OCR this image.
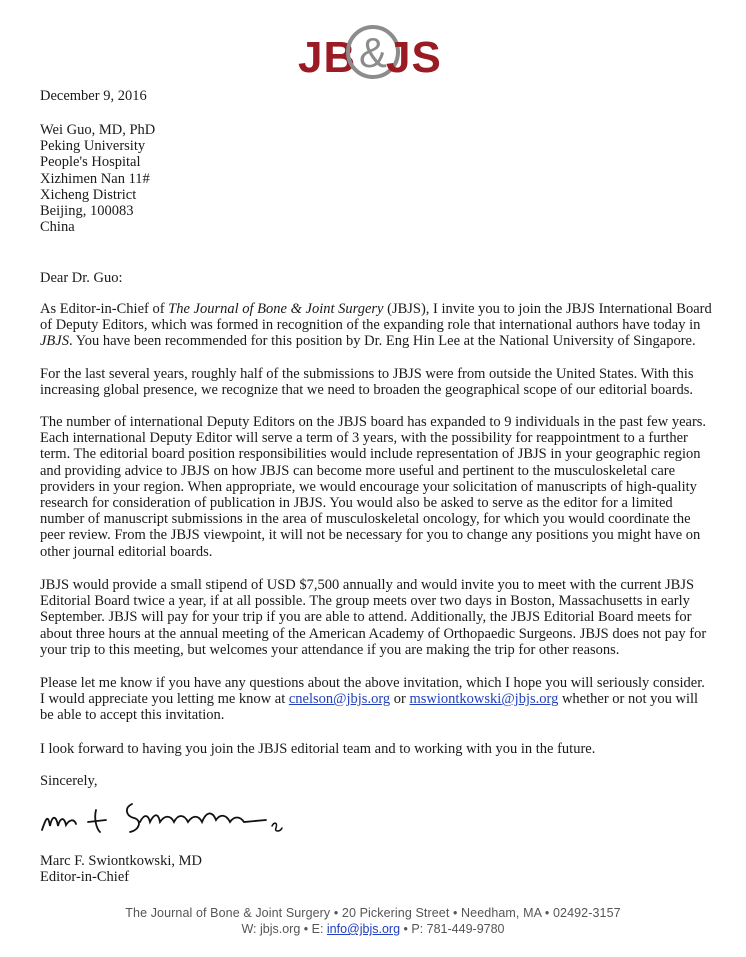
JB &
JS
December 9, 2016
Wei Guo, MD, PhD
Peking University
People's Hospital
Xizhimen Nan 11#
Xicheng District
Beijing, 100083
China
Dear Dr. Guo:
As Editor-in-Chief of The Journal of Bone & Joint Surgery (JBJS), I invite you to join the JBJS International Board
of Deputy Editors, which was formed in recognition of the expanding role that international authors have today in
JBJS. You have been recommended for this position by Dr. Eng Hin Lee at the National University of Singapore.
For the last several years, roughly half of the submissions to JBJS were from outside the United States. With this
increasing global presence, we recognize that we need to broaden the geographical scope of our editorial boards.
The number of international Deputy Editors on the JBJS board has expanded to 9 individuals in the past few years.
Each international Deputy Editor will serve a term of 3 years, with the possibility for reappointment to a further
term. The editorial board position responsibilities would include representation of JBJS in your geographic region
and providing advice to JBJS on how JBJS can become more useful and pertinent to the musculoskeletal care
providers in your region. When appropriate, we would encourage your solicitation of manuscripts of high-quality
research for consideration of publication in JBJS. You would also be asked to serve as the editor for a limited
number of manuscript submissions in the area of musculoskeletal oncology, for which you would coordinate the
peer review. From the JBJS viewpoint, it will not be necessary for you to change any positions you might have on
other journal editorial boards.
JBJS would provide a small stipend of USD $7,500 annually and would invite you to meet with the current JBJS
Editorial Board twice a year, if at all possible. The group meets over two days in Boston, Massachusetts in early
September. JBJS will pay for your trip if you are able to attend. Additionally, the JBJS Editorial Board meets for
about three hours at the annual meeting of the American Academy of Orthopaedic Surgeons. JBJS does not pay for
your trip to this meeting, but welcomes your attendance if you are making the trip for other reasons.
Please let me know if you have any questions about the above invitation, which I hope you will seriously consider.
I would appreciate you letting me know at cnelson@jbjs.org or mswiontkowski@jbjs.org whether or not you will
be able to accept this invitation.
I look forward to having you join the JBJS editorial team and to working with you in the future.
Sincerely,
Marc F. Swiontkowski, MD
Editor-in-Chief
The Journal of Bone & Joint Surgery • 20 Pickering Street • Needham, MA • 02492-3157
W: jbjs.org • E: info@jbjs.org • P: 781-449-9780
